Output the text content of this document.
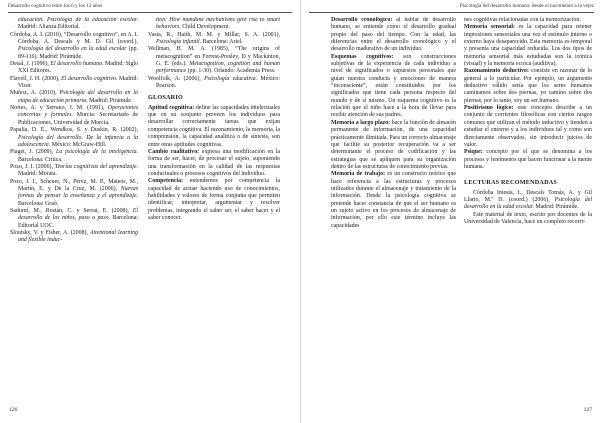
Desarrollo cognitivo entre los 6 y los 12 años
educación. Psicología de la educación escolar. Madrid: Alianza Editorial.
Córdoba, A. I. (2010), “Desarrollo cognitivo”, en A. I. Córdoba, A. Descals y M. D. Gil (coord.), Psicología del desarrollo en la edad escolar (pp. 89-116). Madrid: Pirámide.
Desal, J. (1996), El desarrollo humano. Madrid: Siglo XXI Editores.
Flavell, J. H. (2000), El desarrollo cognitivo. Madrid: Visor.
Muñoz, A. (2010), Psicología del desarrollo en la etapa de educación primaria. Madrid: Pirámide.
Nortes, A. y Serrano, J. M. (1991), Operaciones concretas y formales. Murcia: Secretariado de Publicaciones, Universidad de Murcia.
Papalia, D. E., Wendkos, S. y Duskin, R. (2002), Psicología del desarrollo. De la infancia a la adolescencia. México: McGraw-Hill.
Piaget, J. (2009), La psicología de la inteligencia. Barcelona: Crítica.
Pozo, J. I. (2006), Teorías cognitivas del aprendizaje. Madrid: Morata.
Pozo, J. I., Scheuer, N., Pérez, M. P., Mateos, M., Martín, E. y De la Cruz, M. (2006), Nuevas formas de pensar la enseñanza y el aprendizaje. Barcelona: Graó.
Sadurní, M., Rostán, C. y Serrat, E. (2008), El desarrollo de los niños, paso a paso. Barcelona: Editorial UOC.
Sloutsky, V. y Fisher, A. (2008), Attentional learning and flexible induc-
tion: How mundane mechanisms give rise to smart behaviors. Child Development.
Vasta, R., Haith, M. M. y Millar, S. A. (2001), Psicología infantil. Barcelona: Ariel.
Wellman, H. M. A. (1985), “The origins of metacognition” en Forrest-Presley, D y Mackinton, G. E. (eds.). Metacognition, cognition and human performance (pp. 1-30). Orlando: Academia Press.
Woolfolk, A. (2006), Psicología educativa. México: Pearson.
GLOSARIO
Aptitud cognitiva: define las capacidades intelectuales que en su conjunto proveen los individuos para desarrollar correctamente tareas que exijan competencia cognitiva. El razonamiento, la memoria, la comprensión, la capacidad analítica o de síntesis, son entre otras aptitudes cognitivas.
Cambio cualitativo: expresa una modificación en la forma de ser, hacer, de procesar el sujeto, suponiendo una transformación en la calidad de las respuestas conductuales o procesos cognitivos del individuo.
Competencia: entendemos por competencia la capacidad de actuar haciendo uso de conocimientos, habilidades y valores de forma conjunta que permiten identificar, interpretar, argumentar y resolver problemas, integrando el saber ser, el saber hacer y el saber conocer.
126
Psicología del desarrollo humano: desde el nacimiento a la vejez
Desarrollo cronológico: al hablar de desarrollo humano, se entiende como el desarrollo gradual propio del paso del tiempo. Con la edad, las diferencias entre el desarrollo cronológico y el desarrollo madurativo de un individuo.
Esquemas cognitivos: son construcciones subjetivas de la experiencia de cada individuo a nivel de significados o supuestos personales que guían nuestra conducta y emociones de manera “inconsciente”, están constituidos por los significados que tiene cada persona respecto del mundo y de sí mismo. Un esquema cognitivo es la relación que el niño hace a la hora de llevar para recibir atención de sus padres.
Memoria a largo plazo: hace la función de almacén permanente de información, de una capacidad prácticamente ilimitada. Para un correcto almacenaje que facilite su posterior recuperación va a ser determinante el proceso de codificación y las estrategias que se apliquen para su organización dentro de las estructuras de conocimiento previas.
Memoria de trabajo: es un constructo teórico que hace referencia a las estructuras y procesos utilizados durante el almacenaje y tratamiento de la información. Desde la psicología cognitiva se pretende hacer constancia de que el ser humano es un sujeto activo en los procesos de almacenaje de información, por ello este término incluye las capacidades
nes cognitivas relacionadas con la memorización.
Memoria sensorial: es la capacidad para retener impresiones sensoriales una vez el estímulo interno o externo haya desaparecido. Esta memoria es temporal y presenta una capacidad reducida. Los dos tipos de memoria sensorial más estudiadas son la icónica (visual) y la memoria ecoica (auditiva).
Razonamiento deductivo: consiste en razonar de lo general a lo particular. Por ejemplo, un argumento deductivo válido sería que los seres humanos caminamos sobre dos piernas, yo camino sobre dos piernas, por lo tanto, soy un ser humano.
Positivismo lógico: este concepto describe a un conjunto de corrientes filosóficas con ciertos rasgos comunes que utilizan el método inductivo y tienden a estudiar el entorno y a los individuos tal y como son directamente observados, sin introducir juicios de valor.
Psique: concepto por el que se denomina a los procesos y fenómenos que hacen funcionar a la mente humana.
LECTURAS RECOMENDADAS
Córdoba Iniesta, I., Descals Tomás, A. y Gil Llario, M.ª D. (coord.) (2006), Psicología del desarrollo en la edad escolar. Madrid: Pirámide.
Este material de texto, escrito por docentes de la Universidad de Valencia, hace un completo recorri-
127
